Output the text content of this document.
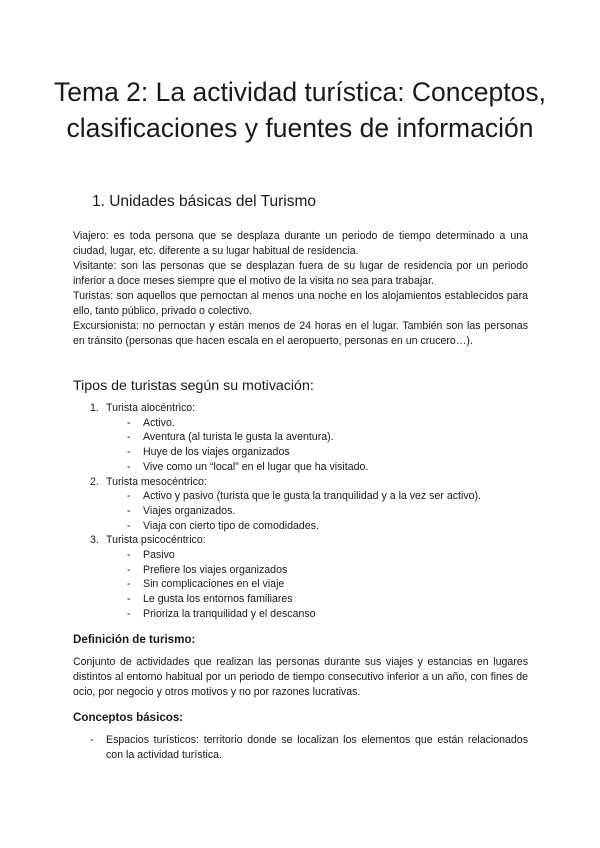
Tema 2: La actividad turística: Conceptos, clasificaciones y fuentes de información
1. Unidades básicas del Turismo

Viajero: es toda persona que se desplaza durante un periodo de tiempo determinado a una ciudad, lugar, etc. diferente a su lugar habitual de residencia.

Visitante: son las personas que se desplazan fuera de su lugar de residencia por un periodo inferior a doce meses siempre que el motivo de la visita no sea para trabajar.

Turistas: son aquellos que pernoctan al menos una noche en los alojamientos establecidos para ello, tanto público, privado o colectivo.

Excursionista: no pernoctan y están menos de 24 horas en el lugar. También son las personas en tránsito (personas que hacen escala en el aeropuerto, personas en un crucero…).

Tipos de turistas según su motivación:
1. Turista alocéntrico:
- Activo.
- Aventura (al turista le gusta la aventura).
- Huye de los viajes organizados
- Vive como un “local” en el lugar que ha visitado.
2. Turista mesocéntrico:
- Activo y pasivo (turista que le gusta la tranquilidad y a la vez ser activo).
- Viajes organizados.
- Viaja con cierto tipo de comodidades.
3. Turista psicocéntrico:
- Pasivo
- Prefiere los viajes organizados
- Sin complicaciones en el viaje
- Le gusta los entornos familiares
- Prioriza la tranquilidad y el descanso
Definición de turismo:

Conjunto de actividades que realizan las personas durante sus viajes y estancias en lugares distintos al entorno habitual por un periodo de tiempo consecutivo inferior a un año, con fines de ocio, por negocio y otros motivos y no por razones lucrativas.

Conceptos básicos:
- Espacios turísticos: territorio donde se localizan los elementos que están relacionados con la actividad turística.
